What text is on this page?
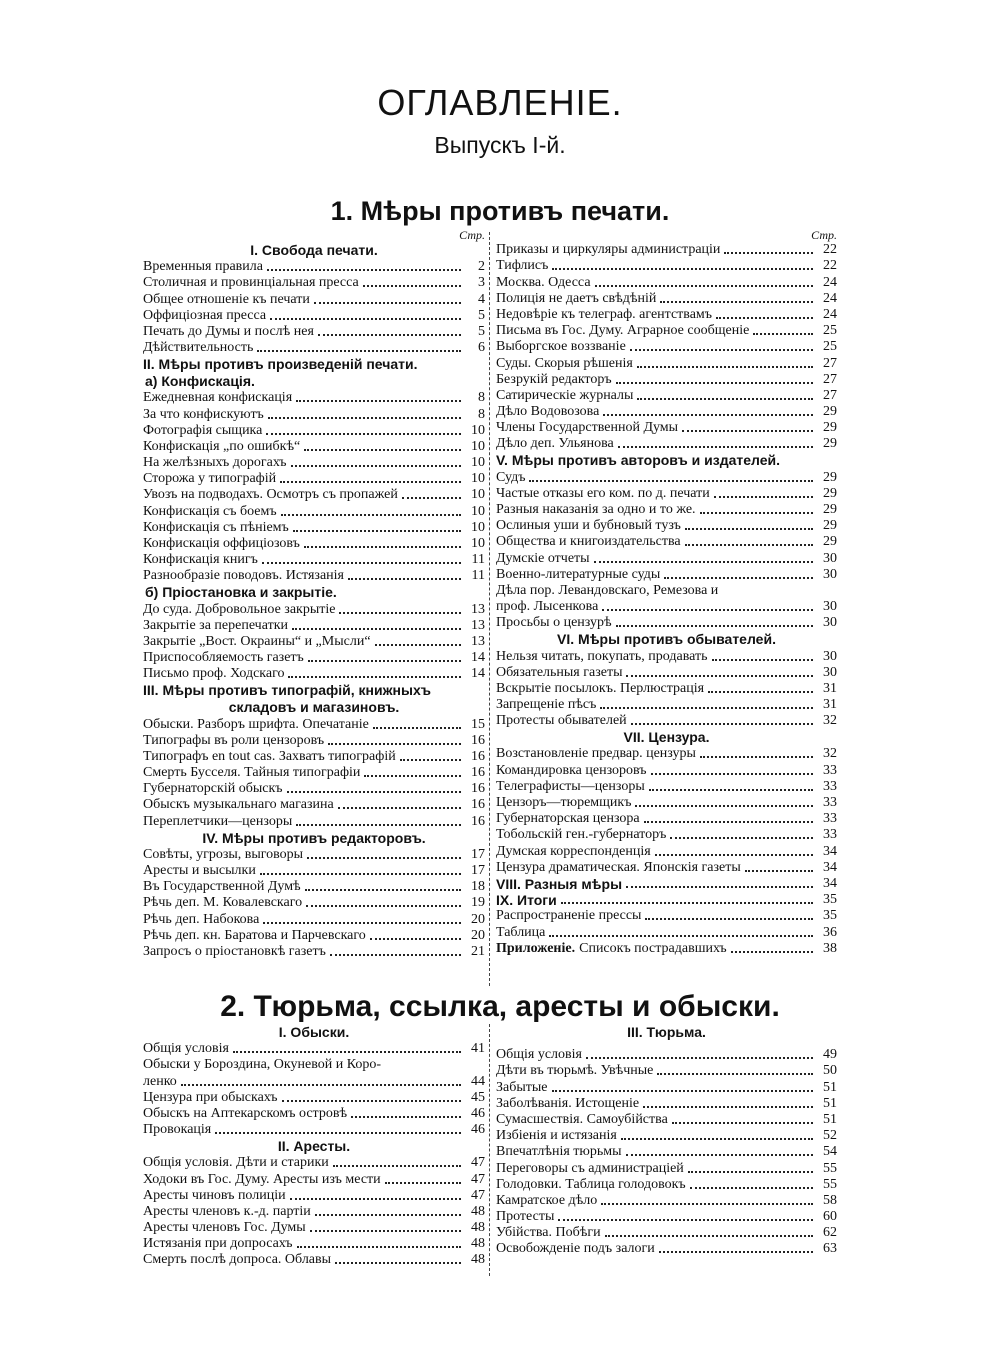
ОГЛАВЛЕНIE.
Выпускъ I-й.
1. Мѣры противъ печати.
Стр.
I. Свобода печати.
Временныя правила	2
Столичная и провинціальная пресса	3
Общее отношеніе къ печати	4
Оффиціозная пресса	5
Печать до Думы и послѣ нея	5
Дѣйствительность	6
II. Мѣры противъ произведеній печати.
а) Конфискація.
Ежедневная конфискація	8
За что конфискуютъ	8
Фотографія сыщика	10
Конфискація „по ошибкѣ“	10
На желѣзныхъ дорогахъ	10
Сторожа у типографій	10
Увозъ на подводахъ. Осмотръ съ пропажей	10
Конфискація съ боемъ	10
Конфискація съ пѣніемъ	10
Конфискація оффиціозовъ	10
Конфискація книгъ	11
Разнообразіе поводовъ. Истязанія	11
б) Пріостановка и закрытіе.
До суда. Добровольное закрытіе	13
Закрытіе за перепечатки	13
Закрытіе „Вост. Окраины“ и „Мысли“	13
Приспособляемость газетъ	14
Письмо проф. Ходскаго	14
III. Мѣры противъ типографій, книжныхъ
складовъ и магазиновъ.
Обыски. Разборъ шрифта. Опечатаніе	15
Типографы въ роли цензоровъ	16
Типографъ en tout cas. Захватъ типографій	16
Смерть Бусселя. Тайныя типографіи	16
Губернаторскій обыскъ	16
Обыскъ музыкальнаго магазина	16
Переплетчики—цензоры	16
IV. Мѣры противъ редакторовъ.
Совѣты, угрозы, выговоры	17
Аресты и высылки	17
Въ Государственной Думѣ	18
Рѣчь деп. М. Ковалевскаго	19
Рѣчь деп. Набокова	20
Рѣчь деп. кн. Баратова и Парчевскаго	20
Запросъ о пріостановкѣ газетъ	21
Стр.
Приказы и циркуляры администраціи	22
Тифлисъ	22
Москва. Одесса	24
Полиція не даетъ свѣдѣній	24
Недовѣріе къ телеграф. агентствамъ	24
Письма въ Гос. Думу. Аграрное сообщеніе	25
Выборгское воззваніе	25
Суды. Скорыя рѣшенія	27
Безрукій редакторъ	27
Сатирическіе журналы	27
Дѣло Водовозова	29
Члены Государственной Думы	29
Дѣло деп. Ульянова	29
V. Мѣры противъ авторовъ и издателей.
Судъ	29
Частые отказы его ком. по д. печати	29
Разныя наказанія за одно и то же.	29
Ослиныя уши и бубновый тузъ	29
Общества и книгоиздательства	29
Думскіе отчеты	30
Военно-литературные суды	30
Дѣла пор. Левандовскаго, Ремезова и
проф. Лысенкова	30
Просьбы о цензурѣ	30
VI. Мѣры противъ обывателей.
Нельзя читать, покупать, продавать	30
Обязательныя газеты	30
Вскрытіе посылокъ. Перлюстрація	31
Запрещеніе пѣсъ	31
Протесты обывателей	32
VII. Цензура.
Возстановленіе предвар. цензуры	32
Командировка цензоровъ	33
Телеграфисты—цензоры	33
Цензоръ—тюремщикъ	33
Губернаторская цензора	33
Тобольскій ген.-губернаторъ	33
Думская корреспонденція	34
Цензура драматическая. Японскія газеты	34
VIII. Разныя мѣры	34
IX. Итоги	35
Распространеніе прессы	35
Таблица	36
Приложеніе. Списокъ пострадавшихъ	38
2. Тюрьма, ссылка, аресты и обыски.
I. Обыски.
Общія условія	41
Обыски у Бороздина, Окуневой и Коро-
ленко	44
Цензура при обыскахъ	45
Обыскъ на Аптекарскомъ островѣ	46
Провокація	46
II. Аресты.
Общія условія. Дѣти и старики	47
Ходоки въ Гос. Думу. Аресты изъ мести	47
Аресты чиновъ полиціи	47
Аресты членовъ к.-д. партіи	48
Аресты членовъ Гос. Думы	48
Истязанія при допросахъ	48
Смерть послѣ допроса. Облавы	48
III. Тюрьма.
Общія условія	49
Дѣти въ тюрьмѣ. Увѣчные	50
Забытые	51
Заболѣванія. Истощеніе	51
Сумасшествія. Самоубійства	51
Избіенія и истязанія	52
Впечатлѣнія тюрьмы	54
Переговоры съ администраціей	55
Голодовки. Таблица голодовокъ	55
Камратское дѣло	58
Протесты	60
Убійства. Побѣги	62
Освобожденіе подъ залоги	63
